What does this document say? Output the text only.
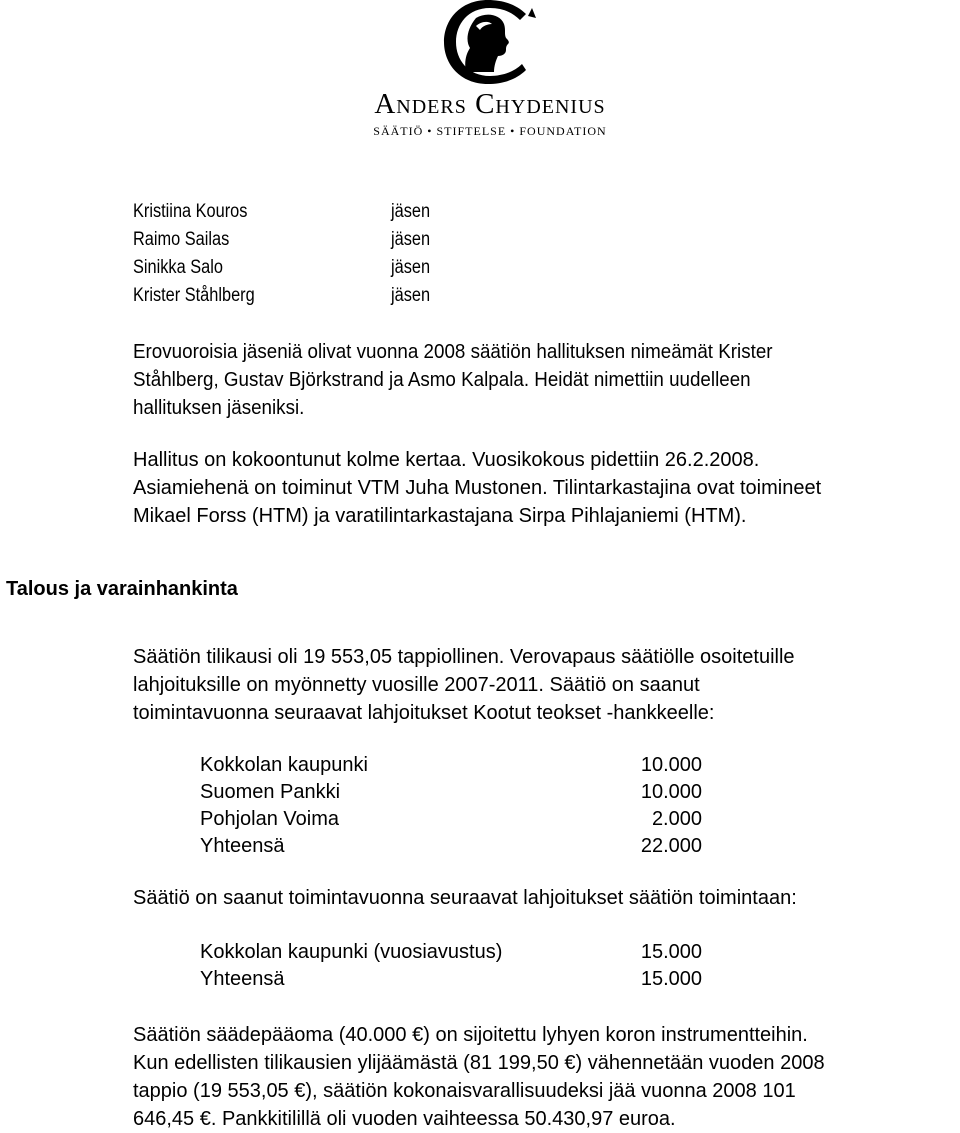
Anders Chydenius
SÄÄTIÖ • STIFTELSE • FOUNDATION
Kristiina Kouros	jäsen
Raimo Sailas	jäsen
Sinikka Salo	jäsen
Krister Ståhlberg	jäsen

Erovuoroisia jäseniä olivat vuonna 2008 säätiön hallituksen nimeämät Krister
Ståhlberg, Gustav Björkstrand ja Asmo Kalpala. Heidät nimettiin uudelleen
hallituksen jäseniksi.

Hallitus on kokoontunut kolme kertaa. Vuosikokous pidettiin 26.2.2008.
Asiamiehenä on toiminut VTM Juha Mustonen. Tilintarkastajina ovat toimineet
Mikael Forss (HTM) ja varatilintarkastajana Sirpa Pihlajaniemi (HTM).

Talous ja varainhankinta

Säätiön tilikausi oli 19 553,05 tappiollinen. Verovapaus säätiölle osoitetuille
lahjoituksille on myönnetty vuosille 2007-2011. Säätiö on saanut
toimintavuonna seuraavat lahjoitukset Kootut teokset -hankkeelle:

Kokkolan kaupunki	10.000
Suomen Pankki	10.000
Pohjolan Voima	2.000
Yhteensä	22.000

Säätiö on saanut toimintavuonna seuraavat lahjoitukset säätiön toimintaan:

Kokkolan kaupunki (vuosiavustus)	15.000
Yhteensä	15.000

Säätiön säädepääoma (40.000 €) on sijoitettu lyhyen koron instrumentteihin.
Kun edellisten tilikausien ylijäämästä (81 199,50 €) vähennetään vuoden 2008
tappio (19 553,05 €), säätiön kokonaisvarallisuudeksi jää vuonna 2008 101
646,45 €. Pankkitilillä oli vuoden vaihteessa 50.430,97 euroa.
